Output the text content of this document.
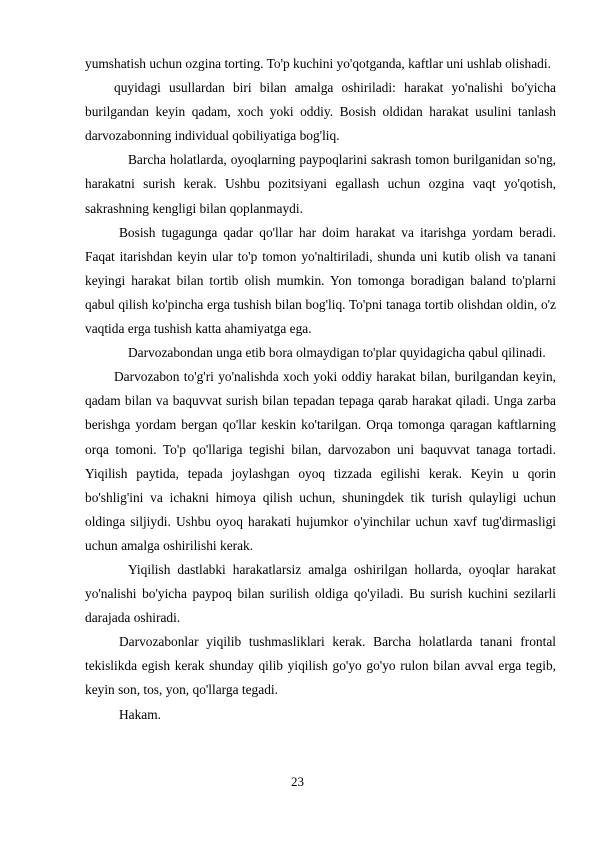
yumshatish uchun ozgina torting. To'p kuchini yo'qotganda, kaftlar uni ushlab olishadi.

quyidagi usullardan biri bilan amalga oshiriladi: harakat yo'nalishi bo'yicha burilgandan keyin qadam, xoch yoki oddiy. Bosish oldidan harakat usulini tanlash darvozabonning individual qobiliyatiga bog'liq.

Barcha holatlarda, oyoqlarning paypoqlarini sakrash tomon burilganidan so'ng, harakatni surish kerak. Ushbu pozitsiyani egallash uchun ozgina vaqt yo'qotish, sakrashning kengligi bilan qoplanmaydi.

Bosish tugagunga qadar qo'llar har doim harakat va itarishga yordam beradi. Faqat itarishdan keyin ular to'p tomon yo'naltiriladi, shunda uni kutib olish va tanani keyingi harakat bilan tortib olish mumkin. Yon tomonga boradigan baland to'plarni qabul qilish ko'pincha erga tushish bilan bog'liq. To'pni tanaga tortib olishdan oldin, o'z vaqtida erga tushish katta ahamiyatga ega.

Darvozabondan unga etib bora olmaydigan to'plar quyidagicha qabul qilinadi.

Darvozabon to'g'ri yo'nalishda xoch yoki oddiy harakat bilan, burilgandan keyin, qadam bilan va baquvvat surish bilan tepadan tepaga qarab harakat qiladi. Unga zarba berishga yordam bergan qo'llar keskin ko'tarilgan. Orqa tomonga qaragan kaftlarning orqa tomoni. To'p qo'llariga tegishi bilan, darvozabon uni baquvvat tanaga tortadi. Yiqilish paytida, tepada joylashgan oyoq tizzada egilishi kerak. Keyin u qorin bo'shlig'ini va ichakni himoya qilish uchun, shuningdek tik turish qulayligi uchun oldinga siljiydi. Ushbu oyoq harakati hujumkor o'yinchilar uchun xavf tug'dirmasligi uchun amalga oshirilishi kerak.

Yiqilish dastlabki harakatlarsiz amalga oshirilgan hollarda, oyoqlar harakat yo'nalishi bo'yicha paypoq bilan surilish oldiga qo'yiladi. Bu surish kuchini sezilarli darajada oshiradi.

Darvozabonlar yiqilib tushmasliklari kerak. Barcha holatlarda tanani frontal tekislikda egish kerak shunday qilib yiqilish go'yo go'yo rulon bilan avval erga tegib, keyin son, tos, yon, qo'llarga tegadi.

Hakam.

23
